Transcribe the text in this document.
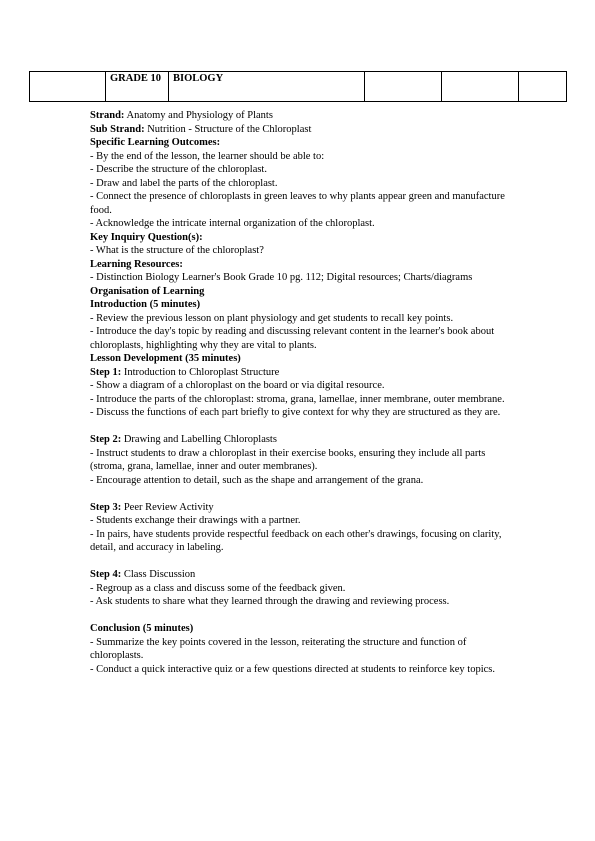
	GRADE 10	BIOLOGY			

Strand: Anatomy and Physiology of Plants

Sub Strand: Nutrition - Structure of the Chloroplast

Specific Learning Outcomes:

- By the end of the lesson, the learner should be able to:

- Describe the structure of the chloroplast.

- Draw and label the parts of the chloroplast.

- Connect the presence of chloroplasts in green leaves to why plants appear green and manufacture food.

- Acknowledge the intricate internal organization of the chloroplast.

Key Inquiry Question(s):

- What is the structure of the chloroplast?

Learning Resources:

- Distinction Biology Learner's Book Grade 10 pg. 112; Digital resources; Charts/diagrams

Organisation of Learning

Introduction (5 minutes)

- Review the previous lesson on plant physiology and get students to recall key points.

- Introduce the day's topic by reading and discussing relevant content in the learner's book about chloroplasts, highlighting why they are vital to plants.

Lesson Development (35 minutes)

Step 1: Introduction to Chloroplast Structure

- Show a diagram of a chloroplast on the board or via digital resource.

- Introduce the parts of the chloroplast: stroma, grana, lamellae, inner membrane, outer membrane.

- Discuss the functions of each part briefly to give context for why they are structured as they are.

Step 2: Drawing and Labelling Chloroplasts

- Instruct students to draw a chloroplast in their exercise books, ensuring they include all parts (stroma, grana, lamellae, inner and outer membranes).

- Encourage attention to detail, such as the shape and arrangement of the grana.

Step 3: Peer Review Activity

- Students exchange their drawings with a partner.

- In pairs, have students provide respectful feedback on each other's drawings, focusing on clarity, detail, and accuracy in labeling.

Step 4: Class Discussion

- Regroup as a class and discuss some of the feedback given.

- Ask students to share what they learned through the drawing and reviewing process.

Conclusion (5 minutes)

- Summarize the key points covered in the lesson, reiterating the structure and function of chloroplasts.

- Conduct a quick interactive quiz or a few questions directed at students to reinforce key topics.
